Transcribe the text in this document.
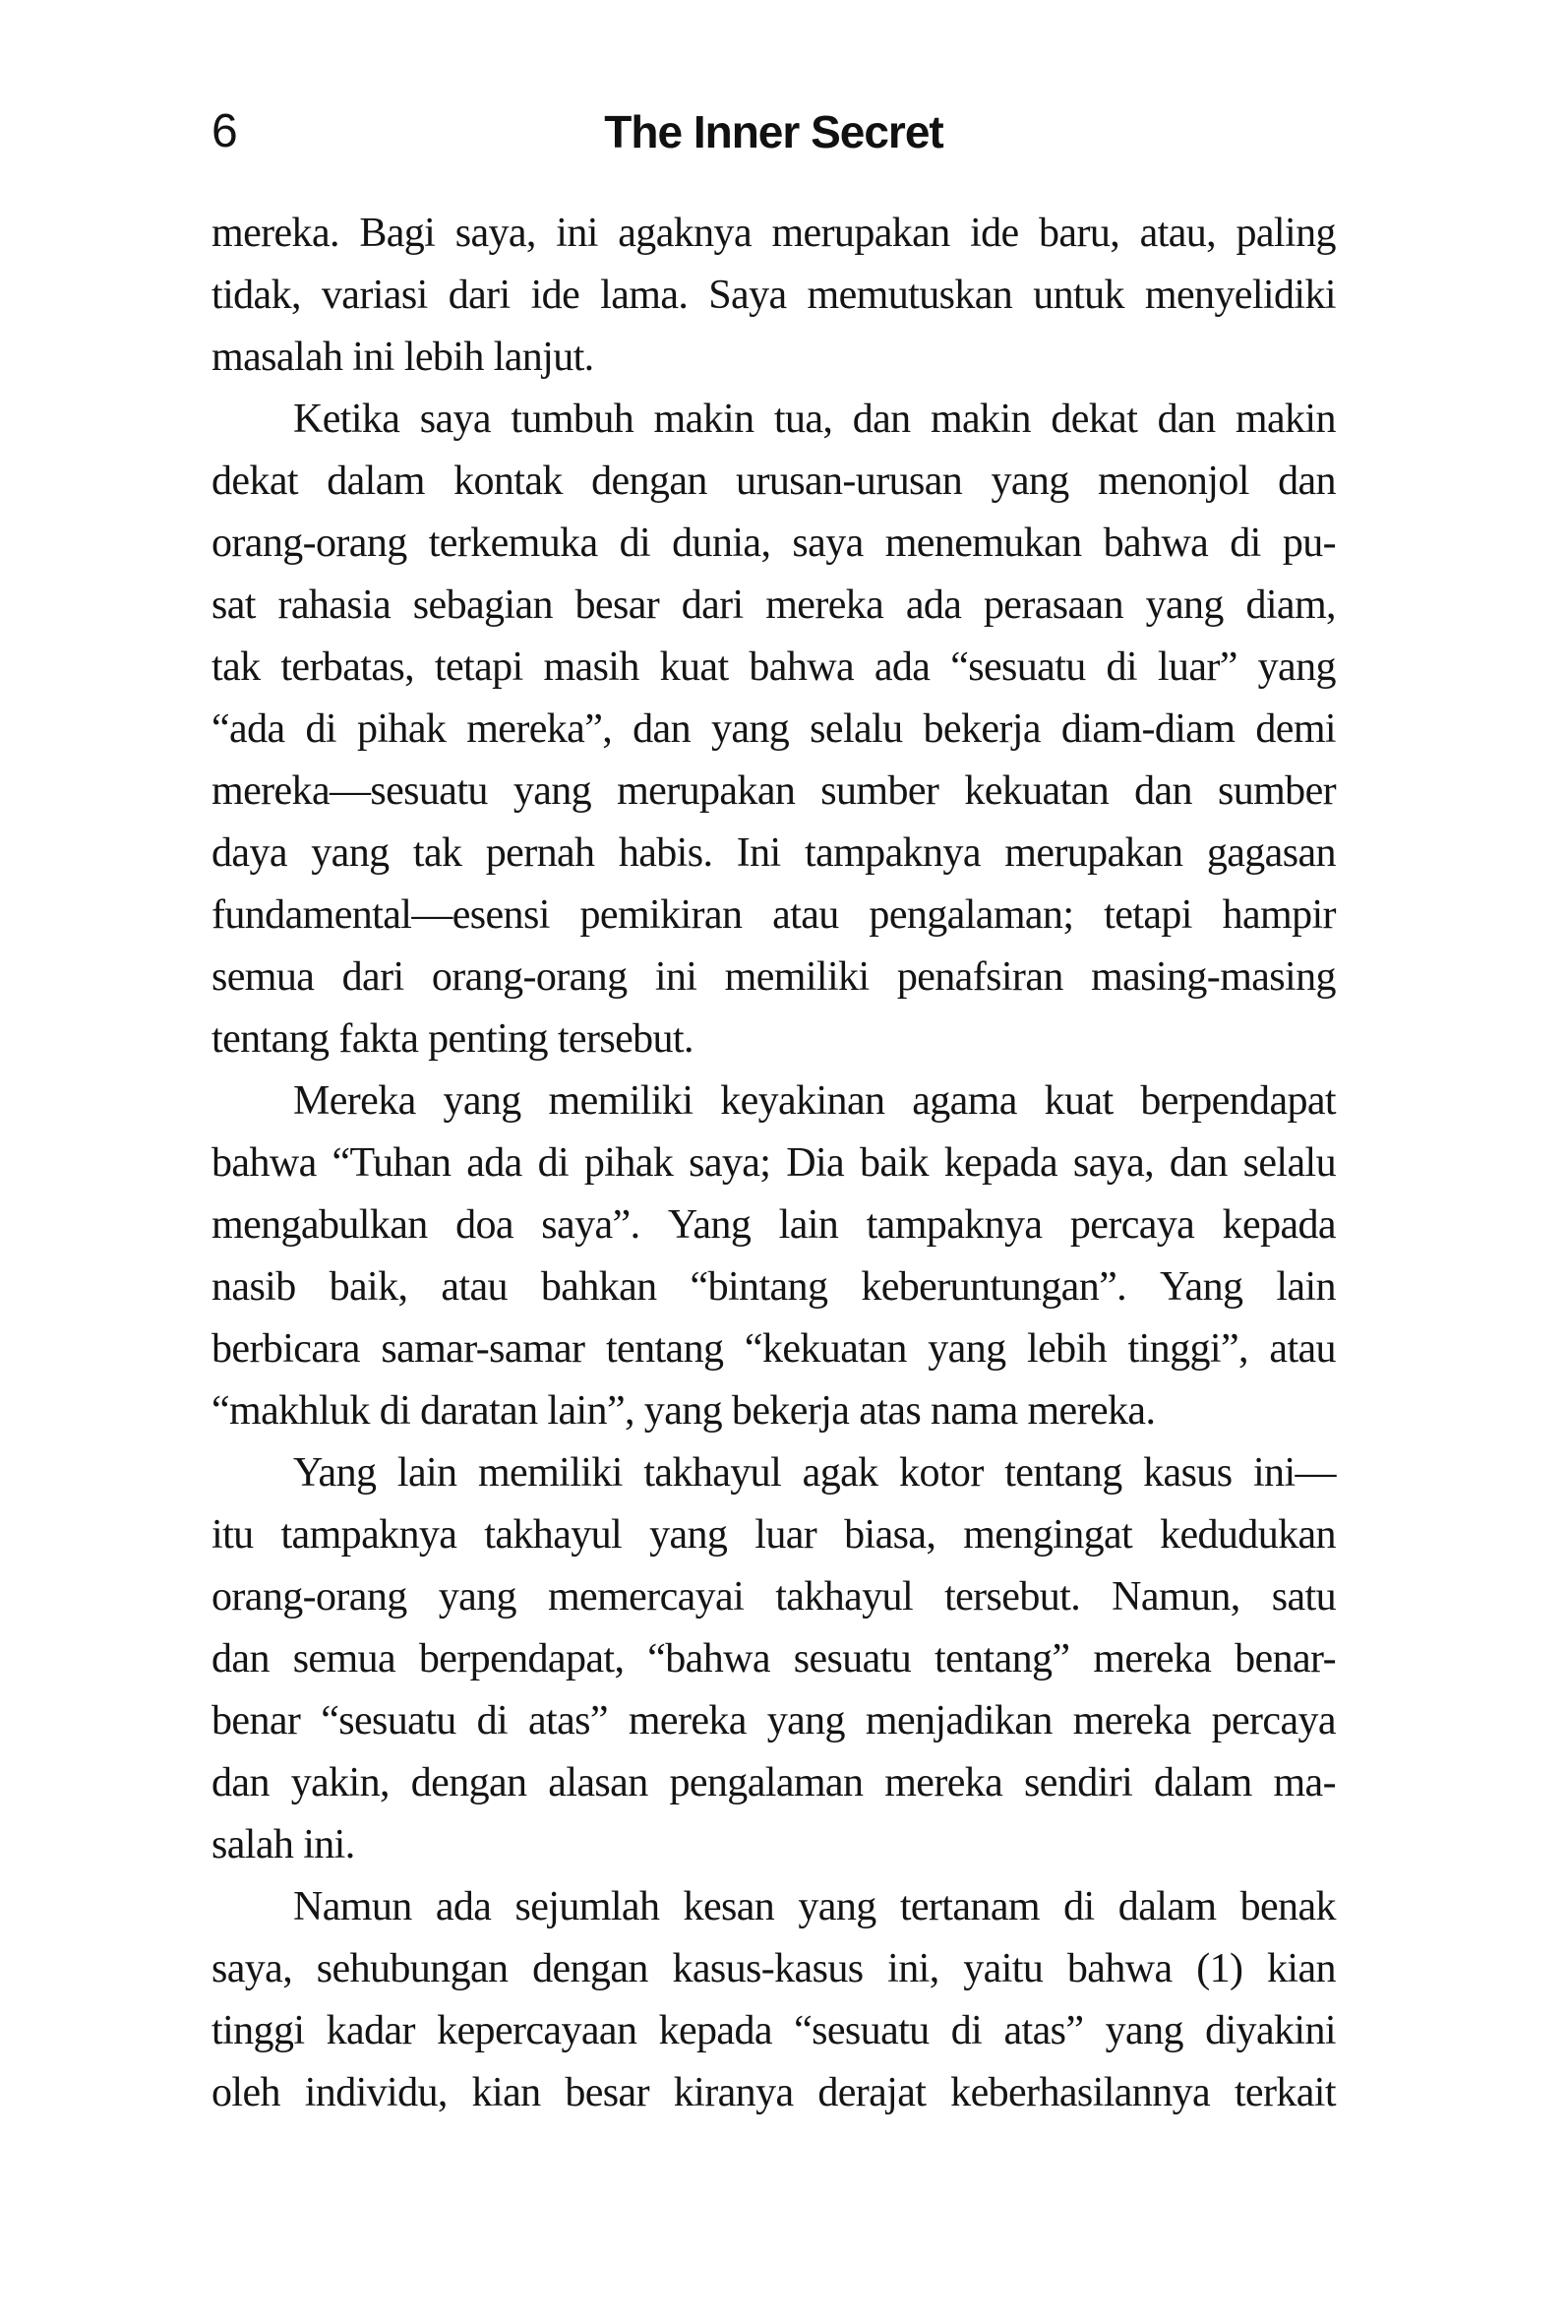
6	The Inner Secret
mereka. Bagi saya, ini agaknya merupakan ide baru, atau, paling
tidak, variasi dari ide lama. Saya memutuskan untuk menyelidiki
masalah ini lebih lanjut.
Ketika saya tumbuh makin tua, dan makin dekat dan makin
dekat dalam kontak dengan urusan-urusan yang menonjol dan
orang-orang terkemuka di dunia, saya menemukan bahwa di pu-
sat rahasia sebagian besar dari mereka ada perasaan yang diam,
tak terbatas, tetapi masih kuat bahwa ada “sesuatu di luar” yang
“ada di pihak mereka”, dan yang selalu bekerja diam-diam demi
mereka—sesuatu yang merupakan sumber kekuatan dan sumber
daya yang tak pernah habis. Ini tampaknya merupakan gagasan
fundamental—esensi pemikiran atau pengalaman; tetapi hampir
semua dari orang-orang ini memiliki penafsiran masing-masing
tentang fakta penting tersebut.
Mereka yang memiliki keyakinan agama kuat berpendapat
bahwa “Tuhan ada di pihak saya; Dia baik kepada saya, dan selalu
mengabulkan doa saya”. Yang lain tampaknya percaya kepada
nasib baik, atau bahkan “bintang keberuntungan”. Yang lain
berbicara samar-samar tentang “kekuatan yang lebih tinggi”, atau
“makhluk di daratan lain”, yang bekerja atas nama mereka.
Yang lain memiliki takhayul agak kotor tentang kasus ini—
itu tampaknya takhayul yang luar biasa, mengingat kedudukan
orang-orang yang memercayai takhayul tersebut. Namun, satu
dan semua berpendapat, “bahwa sesuatu tentang” mereka benar-
benar “sesuatu di atas” mereka yang menjadikan mereka percaya
dan yakin, dengan alasan pengalaman mereka sendiri dalam ma-
salah ini.
Namun ada sejumlah kesan yang tertanam di dalam benak
saya, sehubungan dengan kasus-kasus ini, yaitu bahwa (1) kian
tinggi kadar kepercayaan kepada “sesuatu di atas” yang diyakini
oleh individu, kian besar kiranya derajat keberhasilannya terkait
